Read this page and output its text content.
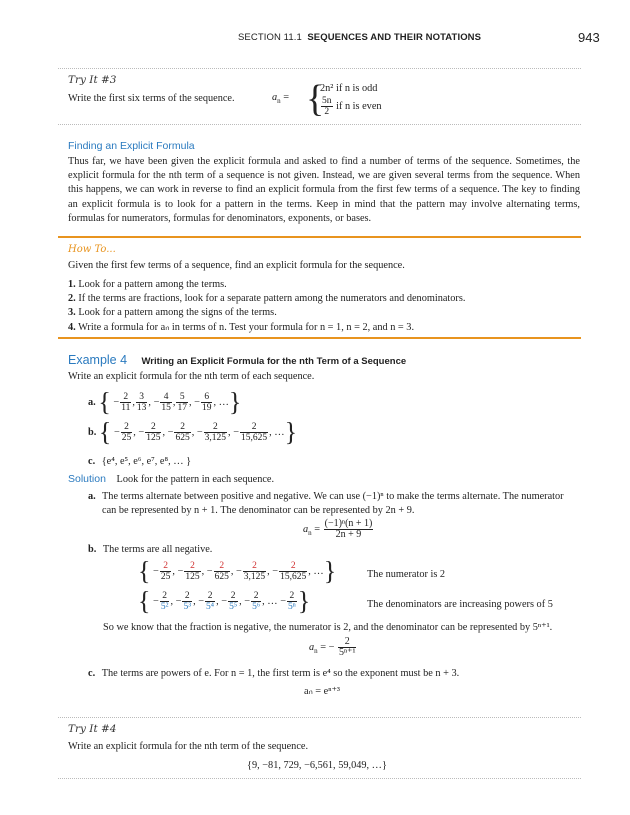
SECTION 11.1 SEQUENCES AND THEIR NOTATIONS	943
Try It #3
Write the first six terms of the sequence.	$a_n$ = {
2n² if n is odd
$\frac{5n}{2}$ if n is even
Finding an Explicit Formula
Thus far, we have been given the explicit formula and asked to find a number of terms of the sequence. Sometimes, the explicit formula for the nth term of a sequence is not given. Instead, we are given several terms from the sequence. When this happens, we can work in reverse to find an explicit formula from the first few terms of a sequence. The key to finding an explicit formula is to look for a pattern in the terms. Keep in mind that the pattern may involve alternating terms, formulas for numerators, formulas for denominators, exponents, or bases.
How To...
Given the first few terms of a sequence, find an explicit formula for the sequence.
1. Look for a pattern among the terms.
2. If the terms are fractions, look for a separate pattern among the numerators and denominators.
3. Look for a pattern among the signs of the terms.
4. Write a formula for aₙ in terms of n. Test your formula for n = 1, n = 2, and n = 3.
Example 4 Writing an Explicit Formula for the nth Term of a Sequence
Write an explicit formula for the nth term of each sequence.
a. { − $\frac{2}{11}$ , $\frac{3}{13}$ , − $\frac{4}{15}$ , $\frac{5}{17}$ , − $\frac{6}{19}$ , …}
b. { − $\frac{2}{25}$ , − $\frac{2}{125}$ , − $\frac{2}{625}$ , − $\frac{2}{3,125}$ , − $\frac{2}{15,625}$ , …}
c. {e⁴, e⁵, e⁶, e⁷, e⁸, … }
Solution Look for the pattern in each sequence.
a. The terms alternate between positive and negative. We can use (−1)ⁿ to make the terms alternate. The numerator can be represented by n + 1. The denominator can be represented by 2n + 9.
$a_n = \frac{\text{(−1)ⁿ(n + 1)}}{2n + 9}$
b. The terms are all negative.
{ − $\frac{2}{25}$ , − $\frac{2}{125}$ , − $\frac{2}{625}$ , − $\frac{2}{3,125}$ , − $\frac{2}{15,625}$ , …}	The numerator is 2
{ − $\frac{2}{\text{5²}}$ , − $\frac{2}{\text{5³}}$ , − $\frac{2}{\text{5⁴}}$ , − $\frac{2}{\text{5⁵}}$ , − $\frac{2}{\text{5⁶}}$ , … − $\frac{2}{\text{5ⁿ}}$ }	The denominators are increasing powers of 5
So we know that the fraction is negative, the numerator is 2, and the denominator can be represented by 5ⁿ⁺¹.
$a_n$ = − $\frac{2}{\text{5ⁿ⁺¹}}$
c. The terms are powers of e. For n = 1, the first term is e⁴ so the exponent must be n + 3.
aₙ = eⁿ⁺³
Try It #4
Write an explicit formula for the nth term of the sequence.
{9, −81, 729, −6,561, 59,049, …}
